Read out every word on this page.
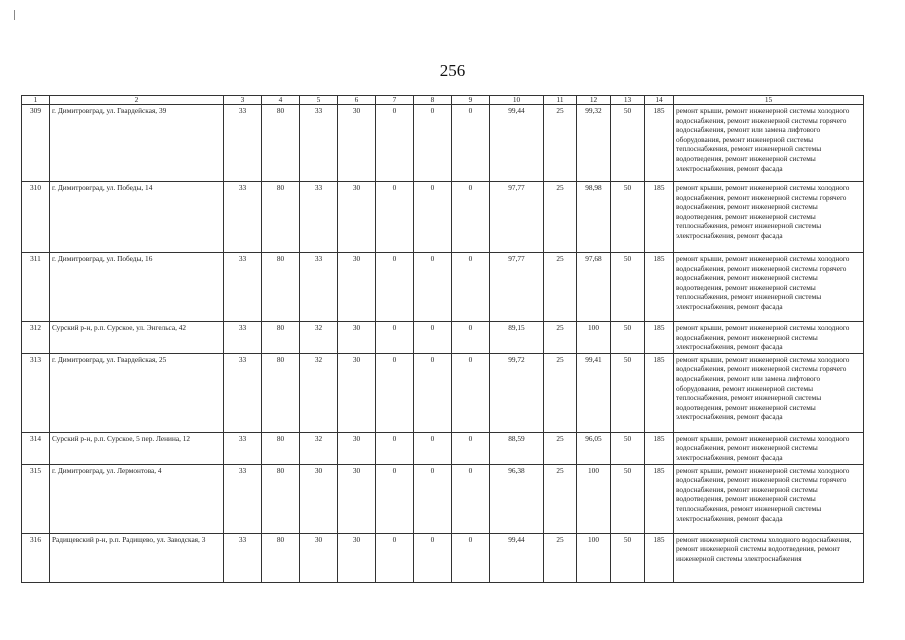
256
1	2	3	4	5	6	7	8	9	10	11	12	13	14	15
309	г. Димитровград, ул. Гвардейская, 39	33	80	33	30	0	0	0	99,44	25	99,32	50	185	ремонт крыши, ремонт инженерной системы холодного водоснабжения, ремонт инженерной системы горячего водоснабжения, ремонт или замена лифтового оборудования, ремонт инженерной системы теплоснабжения, ремонт инженерной системы водоотведения, ремонт инженерной системы электроснабжения, ремонт фасада
310	г. Димитровград, ул. Победы, 14	33	80	33	30	0	0	0	97,77	25	98,98	50	185	ремонт крыши, ремонт инженерной системы холодного водоснабжения, ремонт инженерной системы горячего водоснабжения, ремонт инженерной системы водоотведения, ремонт инженерной системы теплоснабжения, ремонт инженерной системы электроснабжения, ремонт фасада
311	г. Димитровград, ул. Победы, 16	33	80	33	30	0	0	0	97,77	25	97,68	50	185	ремонт крыши, ремонт инженерной системы холодного водоснабжения, ремонт инженерной системы горячего водоснабжения, ремонт инженерной системы водоотведения, ремонт инженерной системы теплоснабжения, ремонт инженерной системы электроснабжения, ремонт фасада
312	Сурский р-н, р.п. Сурское, ул. Энгельса, 42	33	80	32	30	0	0	0	89,15	25	100	50	185	ремонт крыши, ремонт инженерной системы холодного водоснабжения, ремонт инженерной системы электроснабжения, ремонт фасада
313	г. Димитровград, ул. Гвардейская, 25	33	80	32	30	0	0	0	99,72	25	99,41	50	185	ремонт крыши, ремонт инженерной системы холодного водоснабжения, ремонт инженерной системы горячего водоснабжения, ремонт или замена лифтового оборудования, ремонт инженерной системы теплоснабжения, ремонт инженерной системы водоотведения, ремонт инженерной системы электроснабжения, ремонт фасада
314	Сурский р-н, р.п. Сурское, 5 пер. Ленина, 12	33	80	32	30	0	0	0	88,59	25	96,05	50	185	ремонт крыши, ремонт инженерной системы холодного водоснабжения, ремонт инженерной системы электроснабжения, ремонт фасада
315	г. Димитровград, ул. Лермонтова, 4	33	80	30	30	0	0	0	96,38	25	100	50	185	ремонт крыши, ремонт инженерной системы холодного водоснабжения, ремонт инженерной системы горячего водоснабжения, ремонт инженерной системы водоотведения, ремонт инженерной системы теплоснабжения, ремонт инженерной системы электроснабжения, ремонт фасада
316	Радищевский р-н, р.п. Радищево, ул. Заводская, 3	33	80	30	30	0	0	0	99,44	25	100	50	185	ремонт инженерной системы холодного водоснабжения, ремонт инженерной системы водоотведения, ремонт инженерной системы электроснабжения
